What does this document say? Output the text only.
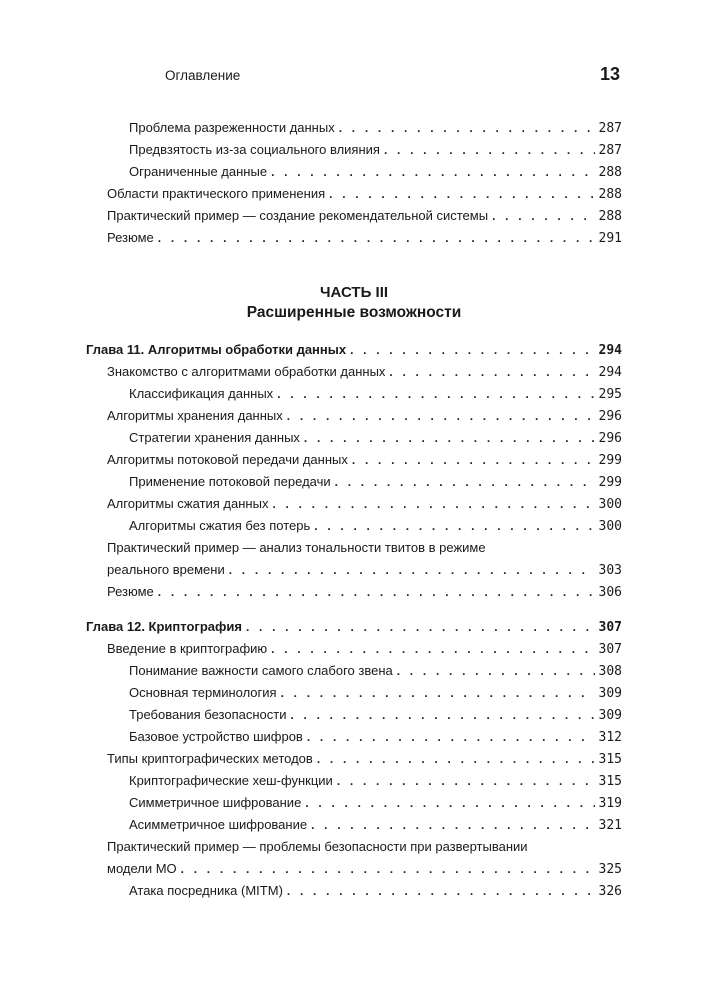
Оглавление	13
Проблема разреженности данных . . .	287
Предвзятость из-за социального влияния . . .	287
Ограниченные данные . . .	288
Области практического применения . . .	288
Практический пример — создание рекомендательной системы . . .	288
Резюме . . .	291
ЧАСТЬ III
Расширенные возможности
Глава 11. Алгоритмы обработки данных . . .	294
Знакомство с алгоритмами обработки данных . . .	294
Классификация данных . . .	295
Алгоритмы хранения данных . . .	296
Стратегии хранения данных . . .	296
Алгоритмы потоковой передачи данных . . .	299
Применение потоковой передачи . . .	299
Алгоритмы сжатия данных . . .	300
Алгоритмы сжатия без потерь . . .	300
Практический пример — анализ тональности твитов в режиме
реального времени . . .	303
Резюме . . .	306
Глава 12. Криптография . . .	307
Введение в криптографию . . .	307
Понимание важности самого слабого звена . . .	308
Основная терминология . . .	309
Требования безопасности . . .	309
Базовое устройство шифров . . .	312
Типы криптографических методов . . .	315
Криптографические хеш-функции . . .	315
Симметричное шифрование . . .	319
Асимметричное шифрование . . .	321
Практический пример — проблемы безопасности при развертывании
модели МО . . .	325
Атака посредника (MITM) . . .	326
